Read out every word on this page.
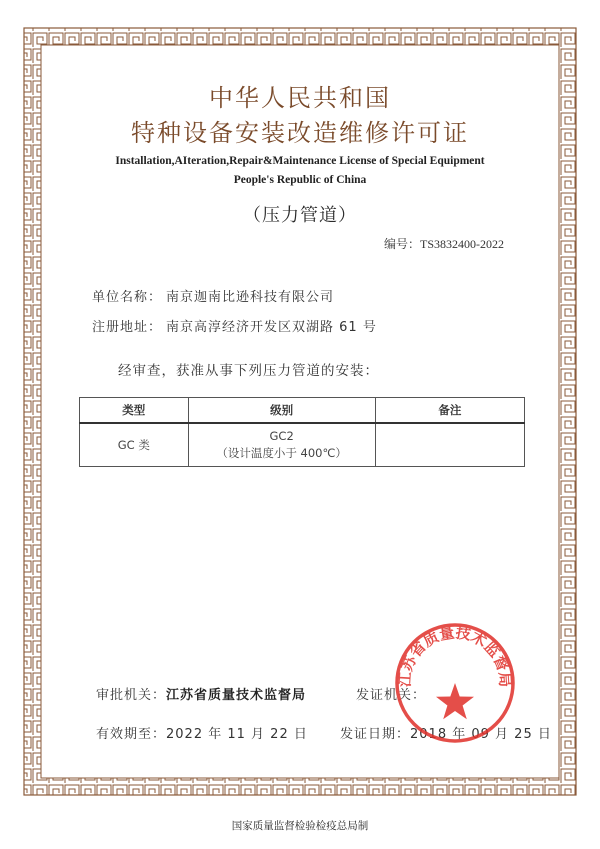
中华人民共和国
特种设备安装改造维修许可证
Installation,AIteration,Repair&Maintenance License of Special Equipment
People's Republic of China
（压力管道）
编号：TS3832400-2022
单位名称： 南京迦南比逊科技有限公司
注册地址： 南京高淳经济开发区双湖路 61 号
经审查，获准从事下列压力管道的安装：
类型	级别	备注
GC 类	GC2
（设计温度小于 400℃）	

审批机关：江苏省质量技术监督局	发证机关：
有效期至：2022 年 11 月 22 日 发证日期：2018 年 09 月 25 日
江苏省质量技术监督局
国家质量监督检验检疫总局制
